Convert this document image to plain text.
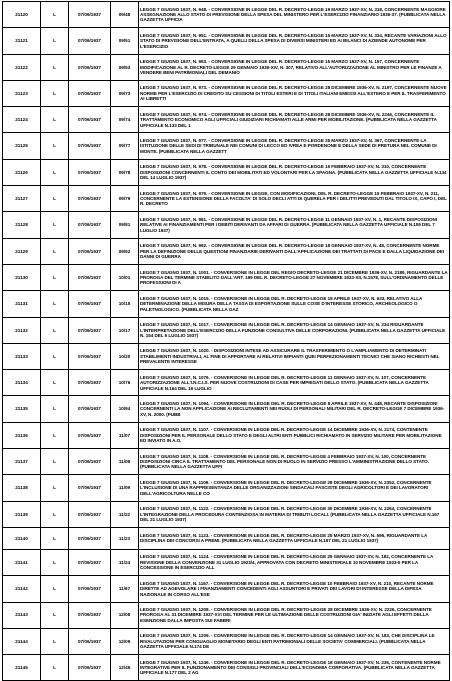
21120	L	07/06/1937	09/48	LEGGE 7 GIUGNO 1937, N. 948. - CONVERSIONE IN LEGGE DEL R. DECRETO-LEGGE 19 MARZO 1937-XV, N. 318, CONCERNENTE MAGGIORE ASSEGNAZIONE ALLO STATO DI PREVISIONE DELLA SPESA DEL MINISTERO PER L'ESERCIZIO FINANZIARIO 1936-37. (PUBBLICATA NELLA GAZZETTA UFFICIA
21121	L	07/06/1937	09/51	LEGGE 7 GIUGNO 1937, N. 951. - CONVERSIONE IN LEGGE DEL R. DECRETO-LEGGE 15 MARZO 1937-XV, N. 334, RECANTE VARIAZIONI ALLO STATO DI PREVISIONE DELL'ENTRATA, A QUELLI DELLA SPESA DI DIVERSI MINISTERI ED AI BILANCI DI AZIENDE AUTONOME PER L'ESERCIZIO
21122	L	07/06/1937	09/53	LEGGE 7 GIUGNO 1937, N. 953. - CONVERSIONE IN LEGGE DEL R. DECRETO-LEGGE 15 MARZO 1937-XV, N. 157, CONCERNENTE MODIFICAZIONE AL R. DECRETO-LEGGE 29 GENNAIO 1936-XIV, N. 307, RELATIVO ALL'AUTORIZZAZIONE AL MINISTRO PER LE FINANZE A VENDERE BENI PATRIMONIALI DEL DEMANIO
21123	L	07/06/1937	09/73	LEGGE 7 GIUGNO 1937, N. 973. - CONVERSIONE IN LEGGE DEL R. DECRETO-LEGGE 28 DICEMBRE 1936-XV, N. 2197, CONCERNENTE NUOVE NORME PER L'ESERCIZIO DI CREDITO SU CESSIONI DI TITOLI ESTERI E DI TITOLI ITALIANI EMESSI ALL'ESTERO E PER IL TRASFERIMENTO AI LIBRETTI
21124	L	07/06/1937	09/74	LEGGE 7 GIUGNO 1937, N. 974. - CONVERSIONE IN LEGGE DEL R. DECRETO-LEGGE 28 DICEMBRE 1936-XV, N. 2246, CONCERNENTE IL TRATTAMENTO ECONOMICO AGLI UFFICIALI GIUDIZIARI RICHIAMATI ALLE ARMI PER MOBILITAZIONE. (PUBBLICATA NELLA GAZZETTA UFFICIALE N.133 DEL 1
21125	L	07/06/1937	09/77	LEGGE 7 GIUGNO 1937, N. 977. - CONVERSIONE IN LEGGE DEL R. DECRETO-LEGGE 25 MARZO 1937-XV, N. 367, CONCERNENTE LA ISTITUZIONE DELLE SEDI DI TRIBUNALE NEI COMUNI DI LECCO ED IVREA E PORDENONE E DELLA SEDE DI PRETURA NEL COMUNE DI MONTE. (PUBBLICATA NELLA GAZZETT
21126	L	07/06/1937	09/78	LEGGE 7 GIUGNO 1937, N. 978. - CONVERSIONE IN LEGGE DEL R. DECRETO-LEGGE 15 FEBBRAIO 1937-XV, N. 310, CONCERNENTE DISPOSIZIONI CONCERNENTI IL CONTO DEI MOBILITATI ED VOLONTARI PER LA SPAGNA. (PUBBLICATA NELLA GAZZETTA UFFICIALE N.134 DEL 14 LUGLIO 1937)
21127	L	07/06/1937	09/79	LEGGE 7 GIUGNO 1937, N. 979. - CONVERSIONE IN LEGGE, CON MODIFICAZIONI, DEL R. DECRETO-LEGGE 15 FEBBRAIO 1937-XV, N. 211, CONCERNENTE LA ESTENSIONE DELLA FACOLTA' DI SOLO DECLI ATTI DI QUERELA PER I DELITTI PREVEDUTI DAL TITOLO IX, CAPO I, DEL R. DECRETO
21128	L	07/06/1937	09/81	LEGGE 7 GIUGNO 1937, N. 981. - CONVERSIONE IN LEGGE DEL R. DECRETO-LEGGE 11 GENNAIO 1937-XV, N. 1, RECANTE DISPOSIZIONI RELATIVE AI FINANZIAMENTI PER I DEBITI DERIVANTI DA AFFARI DI GUERRA. (PUBBLICATA NELLA GAZZETTA UFFICIALE N.155 DEL 7 LUGLIO 1937)
21129	L	07/06/1937	09/92	LEGGE 7 GIUGNO 1937, N. 992. - CONVERSIONE IN LEGGE DEL R. DECRETO-LEGGE 18 GENNAIO 1937-XV, N. 48, CONCERNENTE NORME PER LA DEFINIZIONE DELLE QUESTIONI FINANZIARIE DERIVANTI DALL'APPLICAZIONE DEI TRATTATI DI PACE E DALLA LIQUIDAZIONE DEI DANNI DI GUERRA
21130	L	07/06/1937	10/01	LEGGE 7 GIUGNO 1937, N. 1001. - CONVERSIONE IN LEGGE DEL REGIO DECRETO-LEGGE 21 DICEMBRE 1936-XV, N. 2189, RIGUARDANTE LA PROROGA DEL TERMINE STABILITO DALL'ART. 199 DEL R. DECRETO-LEGGE 27 NOVEMBRE 1933-XII, N.1578, SULL'ORDINAMENTO DELLE PROFESSIONI DI A
21131	L	07/06/1937	10/15	LEGGE 7 GIUGNO 1937, N. 1015. - CONVERSIONE IN LEGGE DEL R. DECRETO-LEGGE 15 APRILE 1937-XV, N. 633, RELATIVO ALLA DETERMINAZIONE DELLA MISURA DELLA TASSA DI ESPORTAZIONE SULLE COSE D'INTERESSE STORICO, ARCHEOLOGICO O PALETNOLOGICO. (PUBBLICATA NELLA GAZ
21132	L	07/06/1937	10/17	LEGGE 7 GIUGNO 1937, N. 1017. - CONVERSIONE IN LEGGE DEL R. DECRETO-LEGGE 14 GENNAIO 1937-XV, N. 234 RIGUARDANTE L'INTERPRETAZIONE DELL'ESERCIZIO DELLA FUNZIONE CONSULTIVA DELLE CORPORAZIONI. (PUBBLICATA NELLA GAZZETTA UFFICIALE N. 154 DEL 6 LUGLIO 1937)
21133	L	07/06/1937	10/20	LEGGE 7 GIUGNO 1937, N. 1020. - DISPOSIZIONI INTESE AD ASSICURARE IL TRASFERIMENTO O L'AMPLIAMENTO DI DETERMINATI STABILIMENTI INDUSTRIALI, AL FINE DI APPORTARE AI RELATIVI IMPIANTI QUEI PERFEZIONAMENTI TECNICI CHE SIANO RICHIESTI NEL PREVALENTE INTERESSE
21134	L	07/06/1937	10/76	LEGGE 7 GIUGNO 1937, N. 1076. - CONVERSIONE IN LEGGE DEL R. DECRETO-LEGGE 11 GENNAIO 1937-XV, N. 107, CONCERNENTE AUTORIZZAZIONE ALL'I.N.C.I.S. PER NUOVE COSTRUZIONI DI CASE PER IMPIEGATI DELLO STATO. (PUBBLICATA NELLA GAZZETTA UFFICIALE N.164 DEL 16 LUGLIO
21135	L	07/06/1937	10/94	LEGGE 7 GIUGNO 1937, N. 1094. - CONVERSIONE IN LEGGE DEL R. DECRETO-LEGGE 8 APRILE 1937-XV, N. 448, RECANTE DISPOSIZIONI CONCERNENTI LA NON APPLICAZIONE AI RECLUTAMENTI NEI RUOLI DI PERSONALI MILITARI DEL R. DECRETO-LEGGE 7 DICEMBRE 1936-XV, N. 2000. (PUBB
21136	L	07/06/1937	11/07	LEGGE 7 GIUGNO 1937, N. 1107. - CONVERSIONE IN LEGGE DEL R. DECRETO-LEGGE 14 DICEMBRE 1936-XV, N. 2174, CONTENENTE DISPOSIZIONI PER IL PERSONALE DELLO STATO E DEGLI ALTRI ENTI PUBBLICI RICHIAMATO IN SERVIZIO MILITARE PER MOBILITAZIONE ED INVIATO IN A.O.
21137	L	07/06/1937	11/08	LEGGE 7 GIUGNO 1937, N. 1108. - CONVERSIONE IN LEGGE DEL R. DECRETO-LEGGE 4 FEBBRAIO 1937-XV, N. 100, CONCERNENTE DISPOSIZIONI CIRCA IL TRATTAMENTO DEL PERSONALE NON DI RUOLO IN SERVIZIO PRESSO L'AMMINISTRAZIONE DELLO STATO. (PUBBLICATA NELLA GAZZETTA UFFI
21138	L	07/06/1937	11/09	LEGGE 7 GIUGNO 1937, N. 1109. - CONVERSIONE IN LEGGE DEL R. DECRETO-LEGGE 28 DICEMBRE 1936-XV, N. 2352, CONCERNENTE L'INCLUSIONE DI UNA RAPPRESENTANZA DELLE ORGANIZZAZIONI SINDACALI FASCISTE DEGLI AGRICOLTORI E DEI LAVORATORI DELL'AGRICOLTURA NELLE CO
21139	L	07/06/1937	11/22	LEGGE 7 GIUGNO 1937, N. 1122. - CONVERSIONE IN LEGGE DEL R. DECRETO-LEGGE 30 DICEMBRE 1936-XV, N. 2264, CONCERNENTE L'INTEGRAZIONE DELLA PROCEDURA CONTENZIOSA IN MATERIA DI TRIBUTI LOCALI. (PUBBLICATA NELLA GAZZETTA UFFICIALE N.167 DEL 21 LUGLIO 1937)
21140	L	07/06/1937	11/23	LEGGE 7 GIUGNO 1937, N. 1123. - CONVERSIONE IN LEGGE DEL R. DECRETO-LEGGE 25 MARZO 1937-XV, N. 596, RIGUARDANTE LA DISCIPLINA DEI CONCORSI A PREMI. (PUBBLICATA NELLA GAZZETTA UFFICIALE N.167 DEL 21 LUGLIO 1937)
21141	L	07/06/1937	11/24	LEGGE 7 GIUGNO 1937, N. 1124. - CONVERSIONE IN LEGGE DEL R. DECRETO-LEGGE 25 GENNAIO 1937-XV, N. 182, CONCERNENTE LA REVISIONE DELLA CONVENZIONE 31 LUGLIO 1923/4, APPROVATA CON DECRETO MINISTERIALE 10 NOVEMBRE 1923-II PER LA CONCESSIONE IN ESERCIZIO ALL
21142	L	07/06/1937	11/67	LEGGE 7 GIUGNO 1937, N. 1167. - CONVERSIONE IN LEGGE DEL R. DECRETO-LEGGE 10 FEBBRAIO 1937-XV, N. 210, RECANTE NORME DIRETTE AD AGEVOLARE I FINANZIAMENTI CONCEDENTI AGLI ASSUNTORI E PRIVATI DEI LAVORI DI INTERESSE DELLA DIFESA NAZIONALE IN CORSO ALL'ESE
21143	L	07/06/1937	12/08	LEGGE 7 GIUGNO 1937, N. 1208. - CONVERSIONE IN LEGGE DEL R. DECRETO-LEGGE 28 DICEMBRE 1936-XV, N. 2226, CONCERNENTE PROROGA AL 31 DICEMBRE 1937-XVI DEL TERMINE PER LE ULTIMAZIONE DELLE COSTRUZIONI GIA' INIZIATE AGLI EFFETTI DELLA ESENZIONE DALLA IMPOSTA SUI FABBRI
21144	L	07/06/1937	12/09	LEGGE 7 GIUGNO 1937, N. 1209. - CONVERSIONE IN LEGGE DEL R. DECRETO-LEGGE 14 GENNAIO 1937-XV, N. 183, CHE DISCIPLINA LE RIVALUTAZIONI PER CONGUAGLIO MONETARIO DEGLI ENTI PATRIMONIALI DELLE SOCIETA' COMMERCIALI. (PUBBLICATA NELLA GAZZETTA UFFICIALE N.174 DE
21145	L	07/06/1937	12/49	LEGGE 7 GIUGNO 1937, N. 1249. - CONVERSIONE IN LEGGE DEL R. DECRETO-LEGGE 18 GENNAIO 1937-XV, N. 235, CONTENENTE NORME INTEGRATIVE PER IL FUNZIONAMENTO DEI CONSIGLI PROVINCIALI DELL'ECONOMIA CORPORATIVA. (PUBBLICATA NELLA GAZZETTA UFFICIALE N.177 DEL 2 AG
